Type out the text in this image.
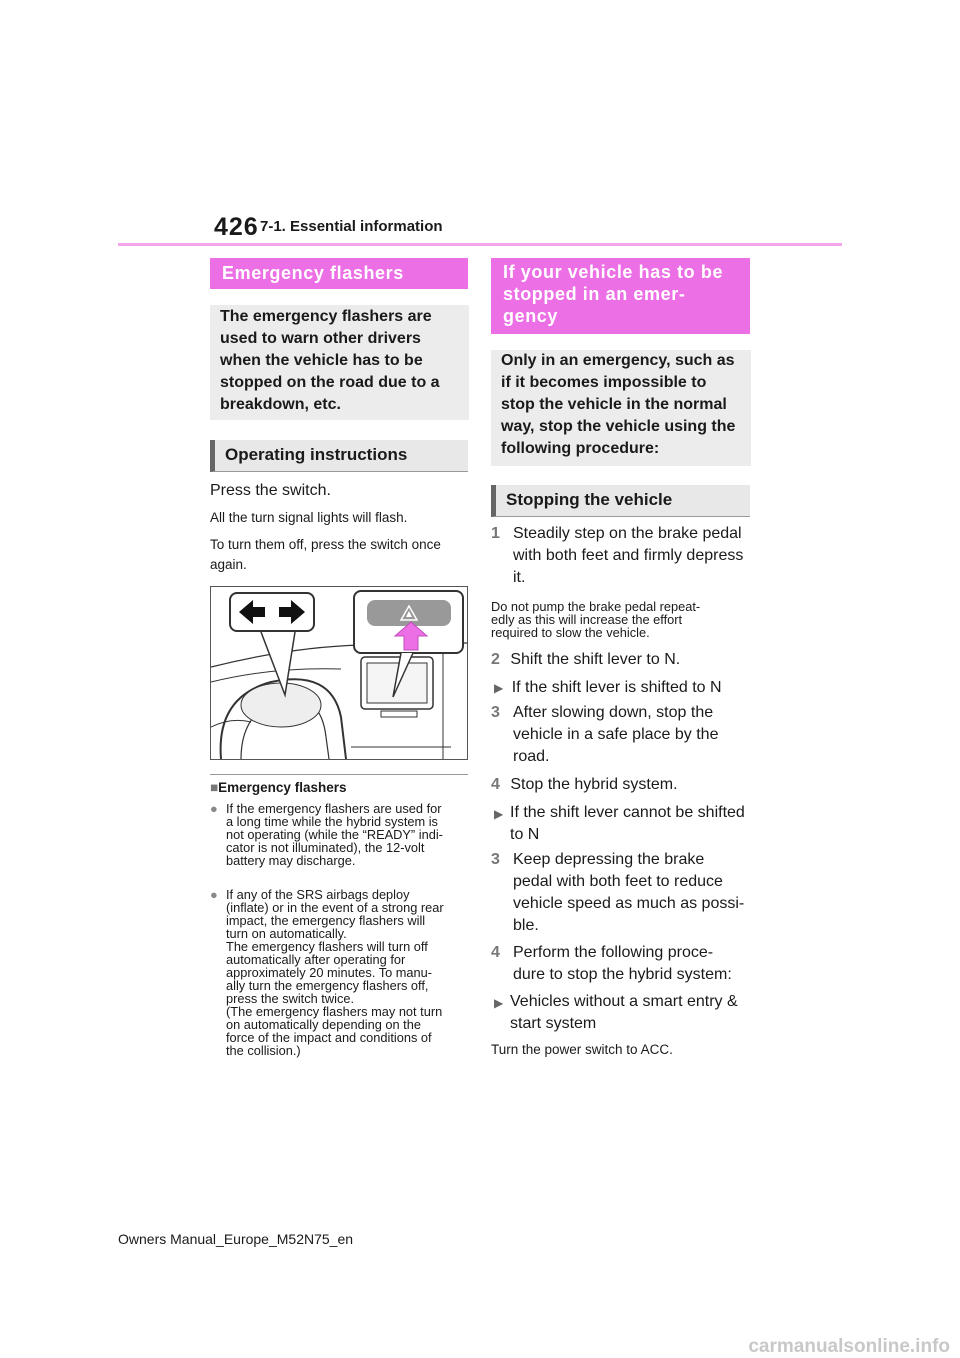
426 7-1. Essential information
Emergency flashers
The emergency flashers are
used to warn other drivers
when the vehicle has to be
stopped on the road due to a
breakdown, etc.
Operating instructions
Press the switch.
All the turn signal lights will flash.
To turn them off, press the switch once
again.
■Emergency flashers
● If the emergency flashers are used for
a long time while the hybrid system is
not operating (while the “READY” indi-
cator is not illuminated), the 12-volt
battery may discharge.
● If any of the SRS airbags deploy
(inflate) or in the event of a strong rear
impact, the emergency flashers will
turn on automatically.
The emergency flashers will turn off
automatically after operating for
approximately 20 minutes. To manu-
ally turn the emergency flashers off,
press the switch twice.
(The emergency flashers may not turn
on automatically depending on the
force of the impact and conditions of
the collision.)
If your vehicle has to be
stopped in an emer-
gency
Only in an emergency, such as
if it becomes impossible to
stop the vehicle in the normal
way, stop the vehicle using the
following procedure:
Stopping the vehicle
1 Steadily step on the brake pedal
with both feet and firmly depress
it.
Do not pump the brake pedal repeat-
edly as this will increase the effort
required to slow the vehicle.
2 Shift the shift lever to N.
▶ If the shift lever is shifted to N
3 After slowing down, stop the
vehicle in a safe place by the
road.
4 Stop the hybrid system.
▶ If the shift lever cannot be shifted
to N
3 Keep depressing the brake
pedal with both feet to reduce
vehicle speed as much as possi-
ble.
4 Perform the following proce-
dure to stop the hybrid system:
▶ Vehicles without a smart entry &
start system
Turn the power switch to ACC.
Owners Manual_Europe_M52N75_en
carmanualsonline.info
